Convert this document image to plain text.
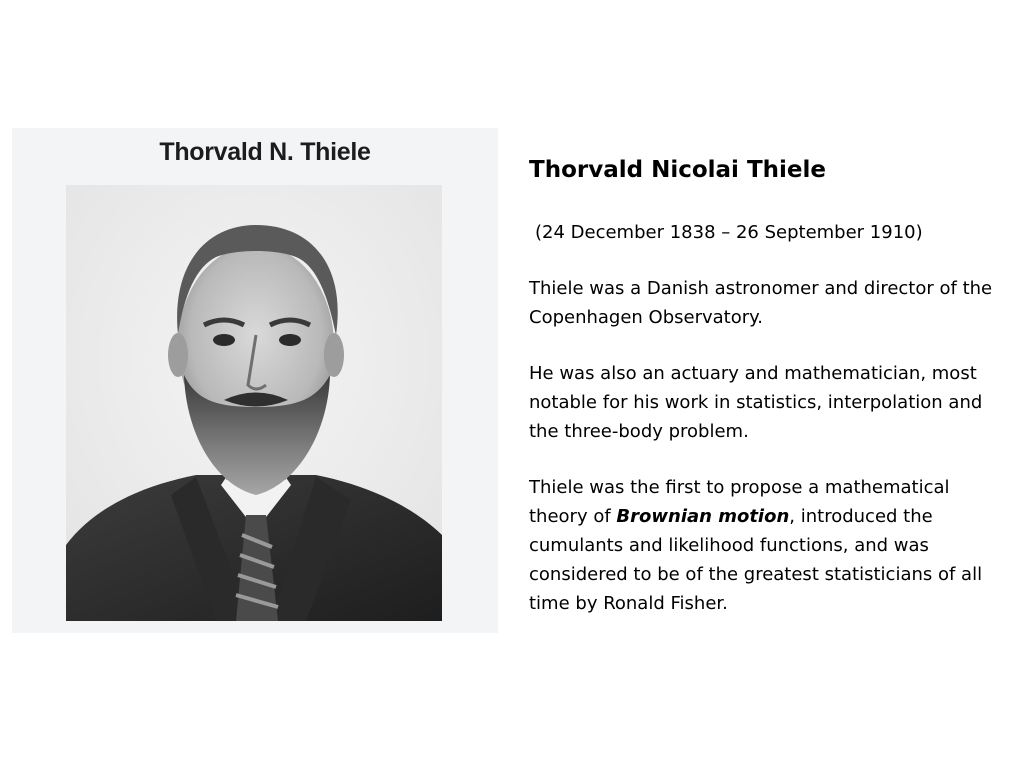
Thorvald N. Thiele
Thorvald Nicolai Thiele

(24 December 1838 – 26 September 1910)

Thiele was a Danish astronomer and director of the Copenhagen Observatory.

He was also an actuary and mathematician, most notable for his work in statistics, interpolation and the three-body problem.

Thiele was the first to propose a mathematical theory of Brownian motion, introduced the cumulants and likelihood functions, and was considered to be of the greatest statisticians of all time by Ronald Fisher.
